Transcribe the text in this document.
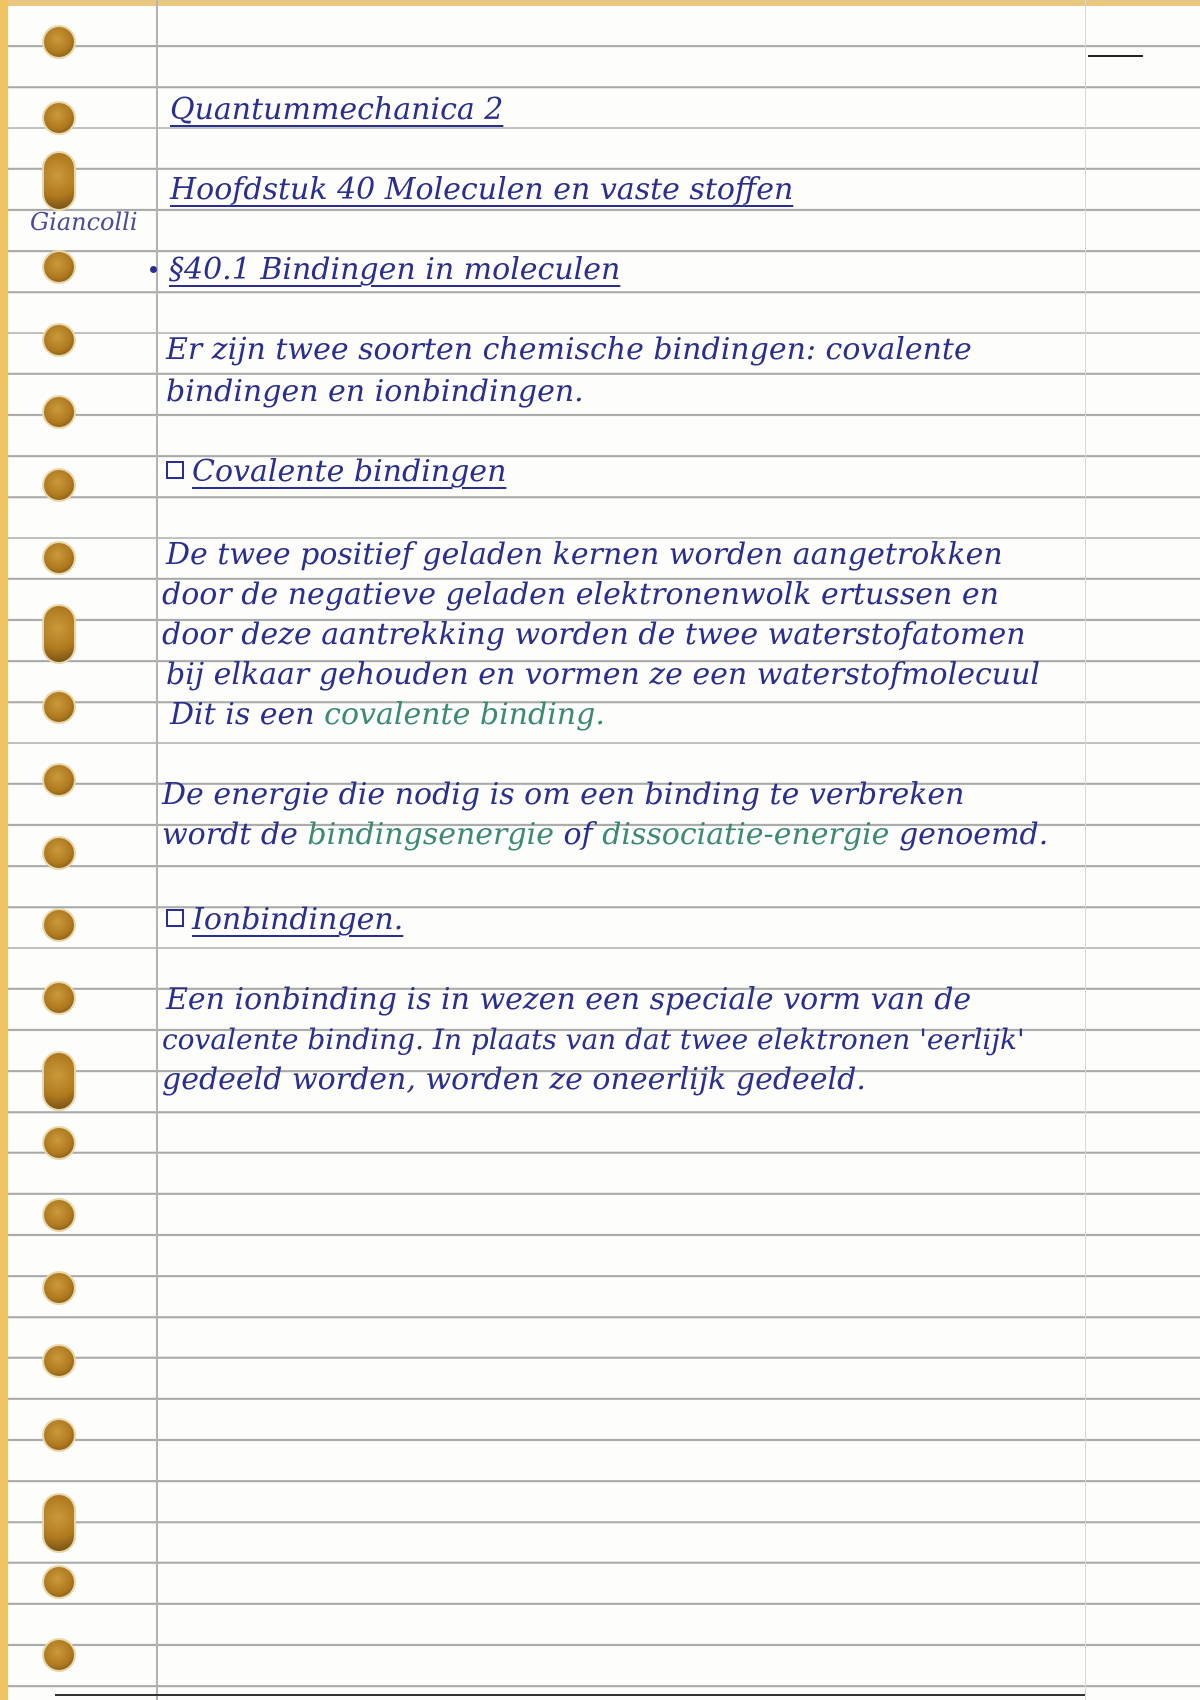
Giancolli

Quantummechanica 2

Hoofdstuk 40 Moleculen en vaste stoffen

§40.1 Bindingen in moleculen

Er zijn twee soorten chemische bindingen: covalente

bindingen en ionbindingen.

Covalente bindingen

De twee positief geladen kernen worden aangetrokken

door de negatieve geladen elektronenwolk ertussen en

door deze aantrekking worden de twee waterstofatomen

bij elkaar gehouden en vormen ze een waterstofmolecuul

Dit is een covalente binding.

De energie die nodig is om een binding te verbreken

wordt de bindingsenergie of dissociatie-energie genoemd.

Ionbindingen.

Een ionbinding is in wezen een speciale vorm van de

covalente binding. In plaats van dat twee elektronen 'eerlijk'

gedeeld worden, worden ze oneerlijk gedeeld.
